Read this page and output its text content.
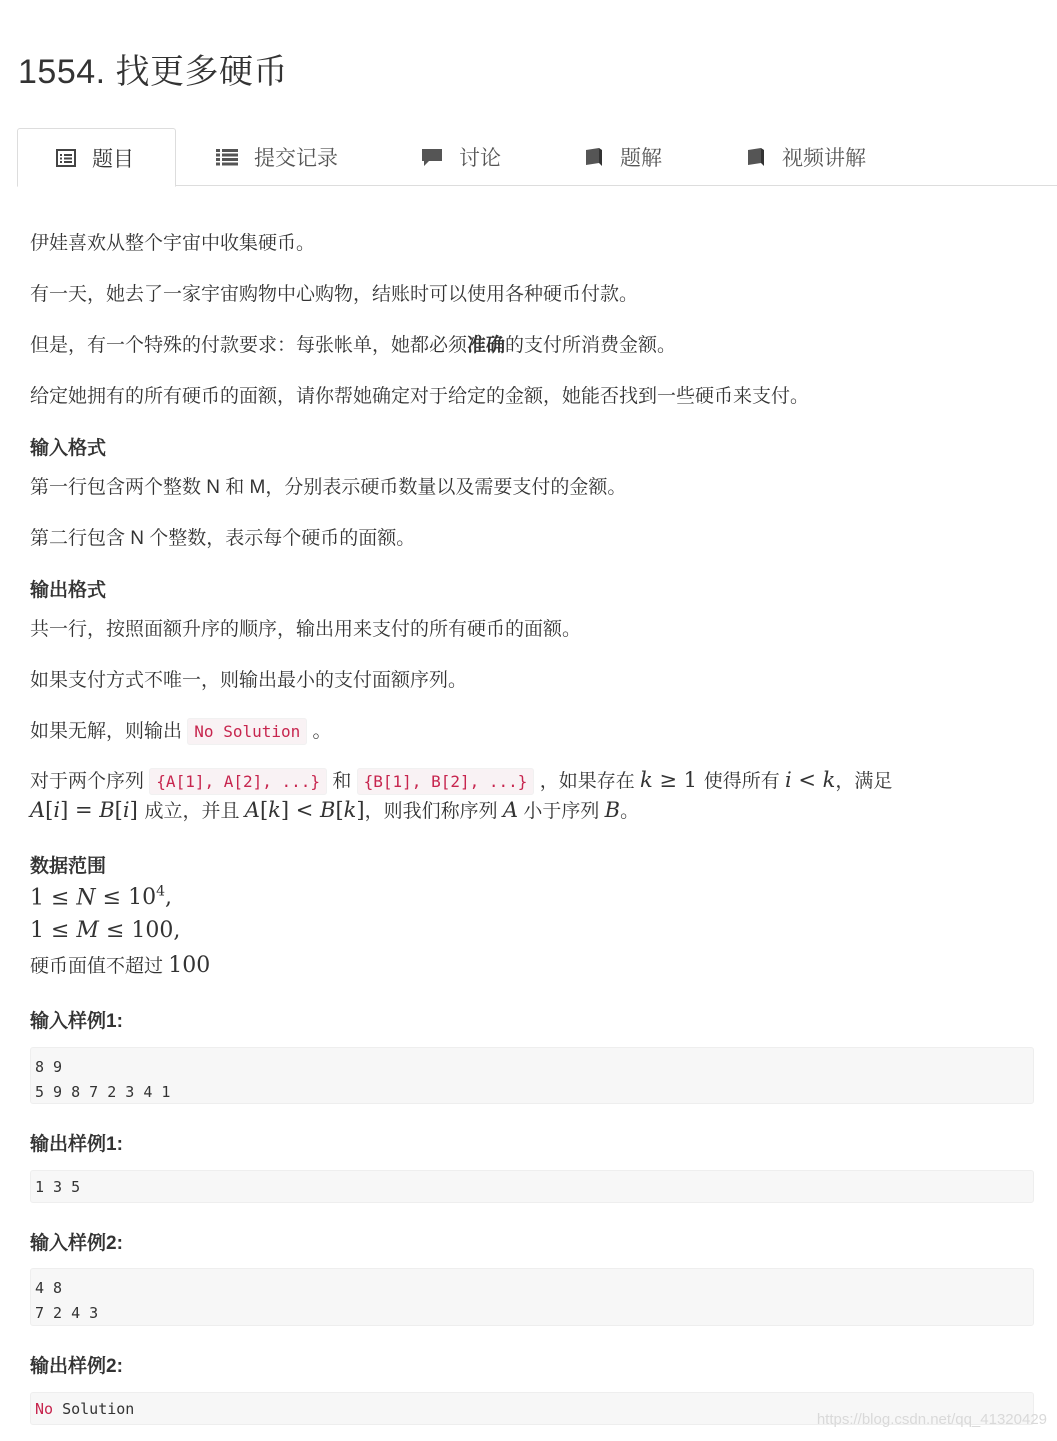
1554. 找更多硬币
题目	提交记录	讨论	题解	视频讲解
伊娃喜欢从整个宇宙中收集硬币。
有一天，她去了一家宇宙购物中心购物，结账时可以使用各种硬币付款。
但是，有一个特殊的付款要求：每张帐单，她都必须准确的支付所消费金额。
给定她拥有的所有硬币的面额，请你帮她确定对于给定的金额，她能否找到一些硬币来支付。
输入格式
第一行包含两个整数 N 和 M，分别表示硬币数量以及需要支付的金额。
第二行包含 N 个整数，表示每个硬币的面额。
输出格式
共一行，按照面额升序的顺序，输出用来支付的所有硬币的面额。
如果支付方式不唯一，则输出最小的支付面额序列。
如果无解，则输出 No Solution 。
对于两个序列 {A[1], A[2], ...} 和 {B[1], B[2], ...} ，如果存在 k ≥ 1 使得所有 i < k，满足
A[i] = B[i] 成立，并且 A[k] < B[k]，则我们称序列 A 小于序列 B。
数据范围
$1 \le N \le 10^4$,
1 ≤ M ≤ 100,
硬币面值不超过 100
输入样例1:
8 9
5 9 8 7 2 3 4 1
输出样例1:
1 3 5
输入样例2:
4 8
7 2 4 3
输出样例2:
No Solution
https://blog.csdn.net/qq_41320429
